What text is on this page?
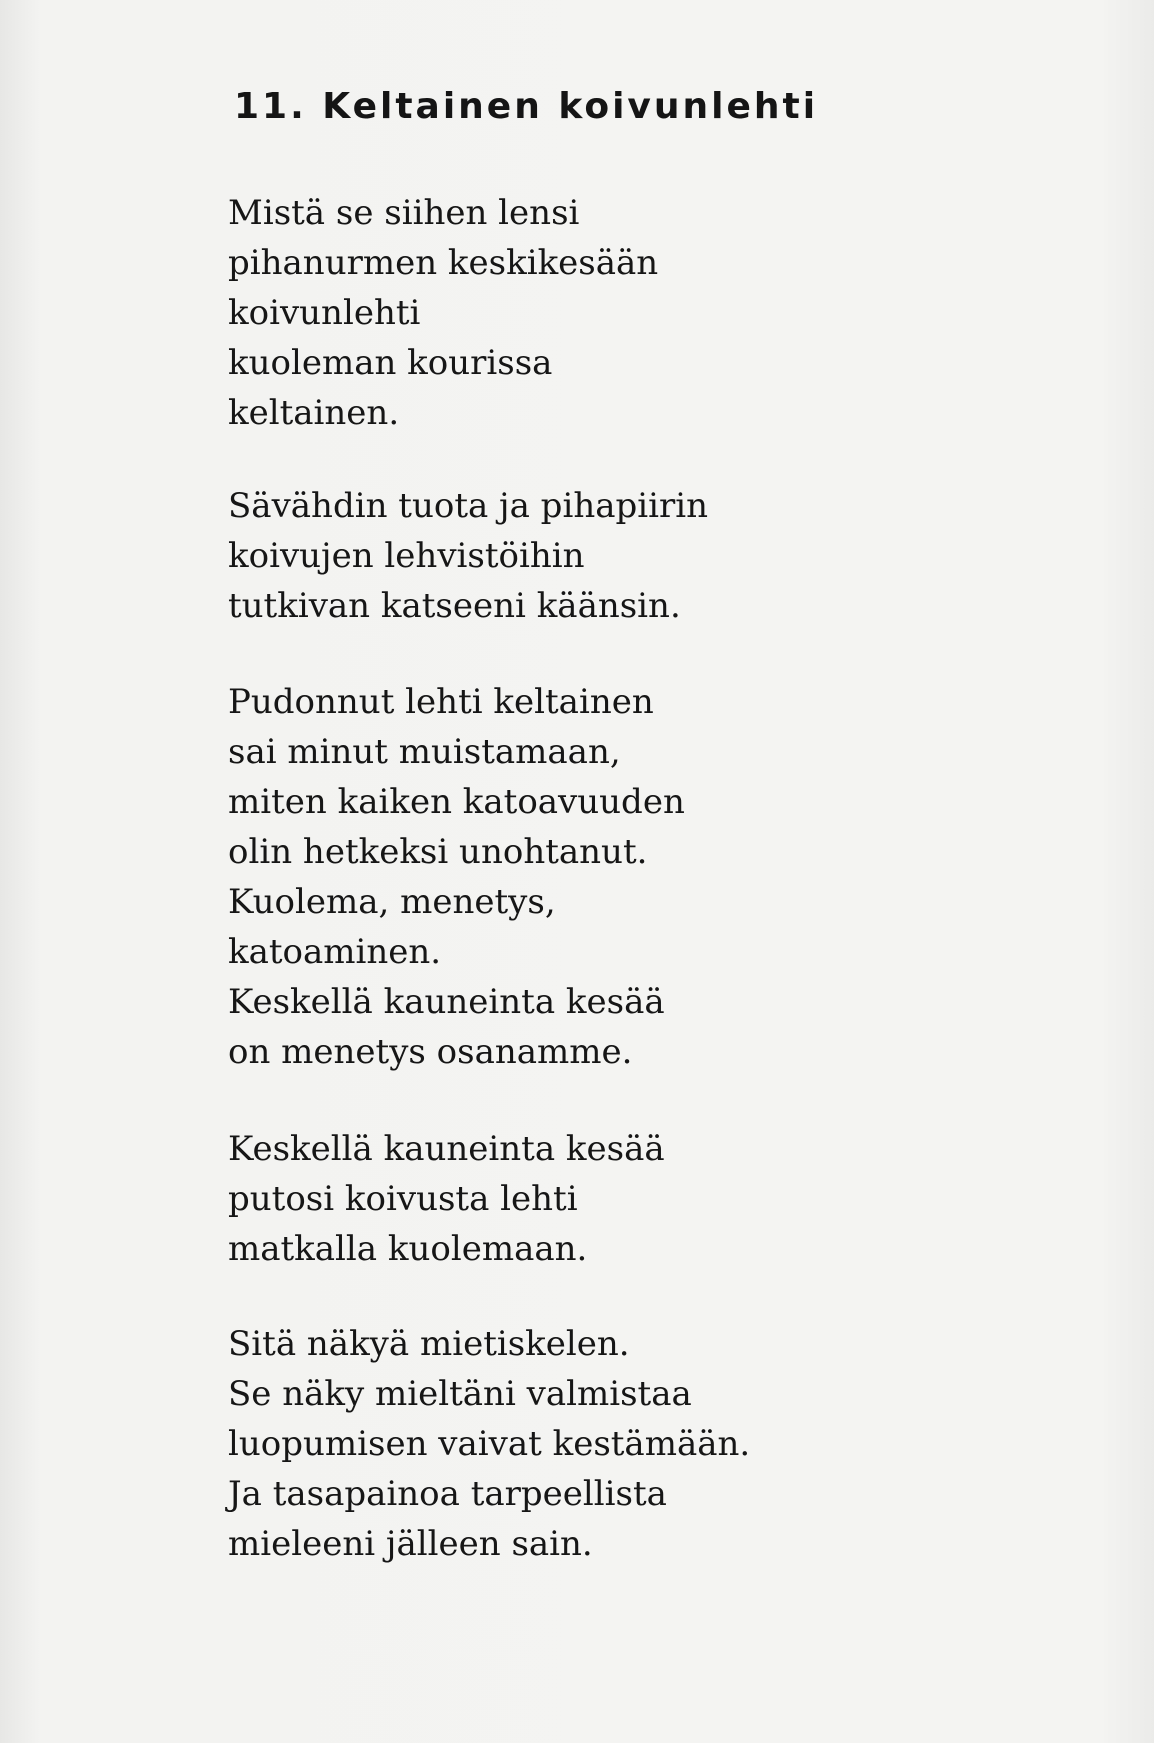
11. Keltainen koivunlehti
Mistä se siihen lensi
pihanurmen keskikesään
koivunlehti
kuoleman kourissa
keltainen.
Sävähdin tuota ja pihapiirin
koivujen lehvistöihin
tutkivan katseeni käänsin.
Pudonnut lehti keltainen
sai minut muistamaan,
miten kaiken katoavuuden
olin hetkeksi unohtanut.
Kuolema, menetys,
katoaminen.
Keskellä kauneinta kesää
on menetys osanamme.
Keskellä kauneinta kesää
putosi koivusta lehti
matkalla kuolemaan.
Sitä näkyä mietiskelen.
Se näky mieltäni valmistaa
luopumisen vaivat kestämään.
Ja tasapainoa tarpeellista
mieleeni jälleen sain.
